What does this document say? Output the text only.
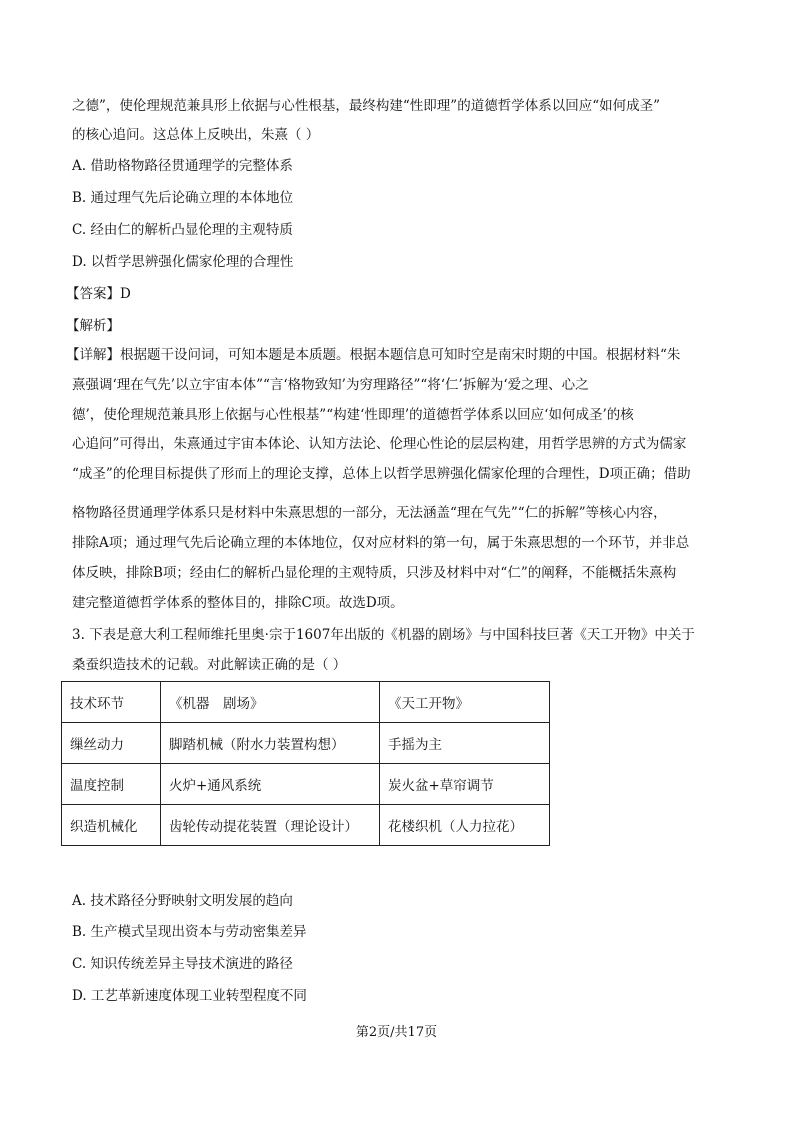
之德”，使伦理规范兼具形上依据与心性根基，最终构建“性即理”的道德哲学体系以回应“如何成圣”
的核心追问。这总体上反映出，朱熹（ ）
A. 借助格物路径贯通理学的完整体系
B. 通过理气先后论确立理的本体地位
C. 经由仁的解析凸显伦理的主观特质
D. 以哲学思辨强化儒家伦理的合理性
【答案】D
【解析】
【详解】根据题干设问词，可知本题是本质题。根据本题信息可知时空是南宋时期的中国。根据材料“朱
熹强调‘理在气先’以立宇宙本体”“言‘格物致知’为穷理路径”“将‘仁’拆解为‘爱之理、心之
德’，使伦理规范兼具形上依据与心性根基”“构建‘性即理’的道德哲学体系以回应‘如何成圣’的核
心追问”可得出，朱熹通过宇宙本体论、认知方法论、伦理心性论的层层构建，用哲学思辨的方式为儒家
“成圣”的伦理目标提供了形而上的理论支撑，总体上以哲学思辨强化儒家伦理的合理性，D项正确；借助
格物路径贯通理学体系只是材料中朱熹思想的一部分，无法涵盖“理在气先”“仁的拆解”等核心内容，
排除A项；通过理气先后论确立理的本体地位，仅对应材料的第一句，属于朱熹思想的一个环节，并非总
体反映，排除B项；经由仁的解析凸显伦理的主观特质，只涉及材料中对“仁”的阐释，不能概括朱熹构
建完整道德哲学体系的整体目的，排除C项。故选D项。
3. 下表是意大利工程师维托里奥·宗于1607年出版的《机器的剧场》与中国科技巨著《天工开物》中关于
桑蚕织造技术的记载。对此解读正确的是（ ）
技术环节	《机器　剧场》	《天工开物》
缫丝动力	脚踏机械（附水力装置构想）	手摇为主
温度控制	火炉+通风系统	炭火盆+草帘调节
织造机械化	齿轮传动提花装置（理论设计）	花楼织机（人力拉花）
A. 技术路径分野映射文明发展的趋向
B. 生产模式呈现出资本与劳动密集差异
C. 知识传统差异主导技术演进的路径
D. 工艺革新速度体现工业转型程度不同
第2页/共17页
